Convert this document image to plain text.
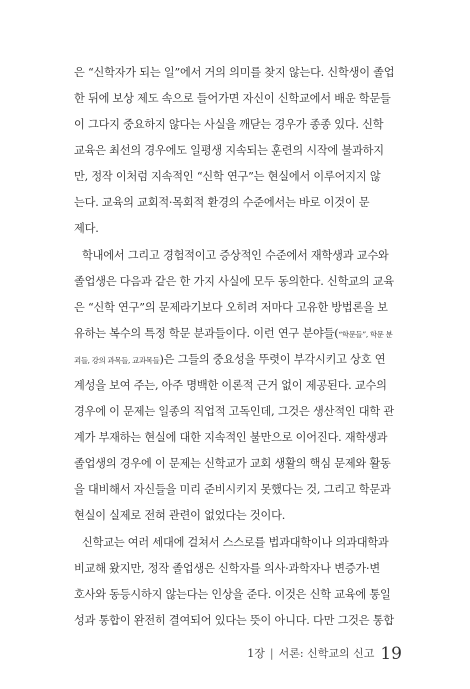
은 “신학자가 되는 일”에서 거의 의미를 찾지 않는다. 신학생이 졸업
한 뒤에 보상 제도 속으로 들어가면 자신이 신학교에서 배운 학문들
이 그다지 중요하지 않다는 사실을 깨닫는 경우가 종종 있다. 신학
교육은 최선의 경우에도 일평생 지속되는 훈련의 시작에 불과하지
만, 정작 이처럼 지속적인 “신학 연구”는 현실에서 이루어지지 않
는다. 교육의 교회적·목회적 환경의 수준에서는 바로 이것이 문
제다.
학내에서 그리고 경험적이고 증상적인 수준에서 재학생과 교수와
졸업생은 다음과 같은 한 가지 사실에 모두 동의한다. 신학교의 교육
은 “신학 연구”의 문제라기보다 오히려 저마다 고유한 방법론을 보
유하는 복수의 특정 학문 분과들이다. 이런 연구 분야들(“학문들”, 학문 분
괴들, 강의 과목들, 교과목들)은 그들의 중요성을 뚜렷이 부각시키고 상호 연
계성을 보여 주는, 아주 명백한 이론적 근거 없이 제공된다. 교수의
경우에 이 문제는 일종의 직업적 고독인데, 그것은 생산적인 대학 관
계가 부재하는 현실에 대한 지속적인 불만으로 이어진다. 재학생과
졸업생의 경우에 이 문제는 신학교가 교회 생활의 핵심 문제와 활동
을 대비해서 자신들을 미리 준비시키지 못했다는 것, 그리고 학문과
현실이 실제로 전혀 관련이 없었다는 것이다.
신학교는 여러 세대에 걸쳐서 스스로를 법과대학이나 의과대학과
비교해 왔지만, 정작 졸업생은 신학자를 의사·과학자나 변증가·변
호사와 동등시하지 않는다는 인상을 준다. 이것은 신학 교육에 통일
성과 통합이 완전히 결여되어 있다는 뜻이 아니다. 다만 그것은 통합
1장 | 서론: 신학교의 신고 19
